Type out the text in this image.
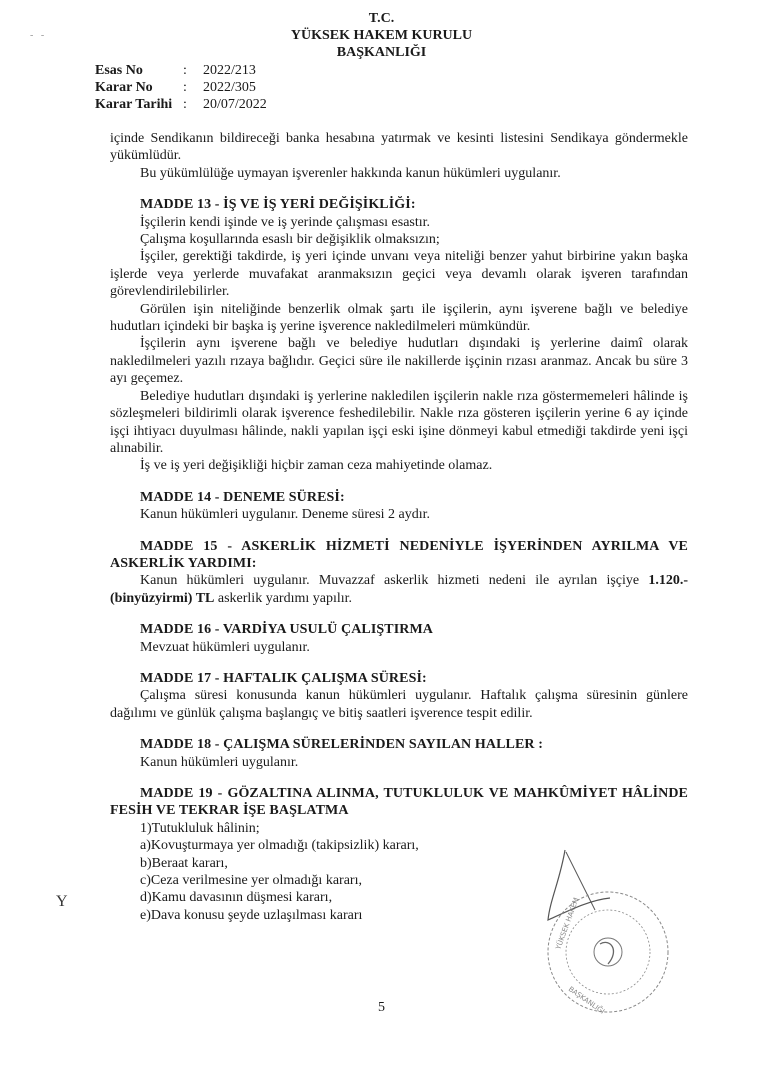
-   -
T.C.
YÜKSEK HAKEM KURULU
BAŞKANLIĞI
Esas No	:	2022/213
Karar No	:	2022/305
Karar Tarihi :	20/07/2022

içinde Sendikanın bildireceği banka hesabına yatırmak ve kesinti listesini Sendikaya göndermekle yükümlüdür.

Bu yükümlülüğe uymayan işverenler hakkında kanun hükümleri uygulanır.

MADDE 13 - İŞ VE İŞ YERİ DEĞİŞİKLİĞİ:

İşçilerin kendi işinde ve iş yerinde çalışması esastır.

Çalışma koşullarında esaslı bir değişiklik olmaksızın;

İşçiler, gerektiği takdirde, iş yeri içinde unvanı veya niteliği benzer yahut birbirine yakın başka işlerde veya yerlerde muvafakat aranmaksızın geçici veya devamlı olarak işveren tarafından görevlendirilebilirler.

Görülen işin niteliğinde benzerlik olmak şartı ile işçilerin, aynı işverene bağlı ve belediye hudutları içindeki bir başka iş yerine işverence nakledilmeleri mümkündür.

İşçilerin aynı işverene bağlı ve belediye hudutları dışındaki iş yerlerine daimî olarak nakledilmeleri yazılı rızaya bağlıdır. Geçici süre ile nakillerde işçinin rızası aranmaz. Ancak bu süre 3 ayı geçemez.

Belediye hudutları dışındaki iş yerlerine nakledilen işçilerin nakle rıza göstermemeleri hâlinde iş sözleşmeleri bildirimli olarak işverence feshedilebilir. Nakle rıza gösteren işçilerin yerine 6 ay içinde işçi ihtiyacı duyulması hâlinde, nakli yapılan işçi eski işine dönmeyi kabul etmediği takdirde yeni işçi alınabilir.

İş ve iş yeri değişikliği hiçbir zaman ceza mahiyetinde olamaz.

MADDE 14 - DENEME SÜRESİ:

Kanun hükümleri uygulanır. Deneme süresi 2 aydır.

MADDE 15 - ASKERLİK HİZMETİ NEDENİYLE İŞYERİNDEN AYRILMA VE ASKERLİK YARDIMI:

Kanun hükümleri uygulanır. Muvazzaf askerlik hizmeti nedeni ile ayrılan işçiye 1.120.-(binyüzyirmi) TL askerlik yardımı yapılır.

MADDE 16 - VARDİYA USULÜ ÇALIŞTIRMA

Mevzuat hükümleri uygulanır.

MADDE 17 - HAFTALIK ÇALIŞMA SÜRESİ:

Çalışma süresi konusunda kanun hükümleri uygulanır. Haftalık çalışma süresinin günlere dağılımı ve günlük çalışma başlangıç ve bitiş saatleri işverence tespit edilir.

MADDE 18 - ÇALIŞMA SÜRELERİNDEN SAYILAN HALLER :

Kanun hükümleri uygulanır.

MADDE 19 - GÖZALTINA ALINMA, TUTUKLULUK VE MAHKÛMİYET HÂLİNDE FESİH VE TEKRAR İŞE BAŞLATMA

1)Tutukluluk hâlinin;

a)Kovuşturmaya yer olmadığı (takipsizlik) kararı,

b)Beraat kararı,

c)Ceza verilmesine yer olmadığı kararı,

d)Kamu davasının düşmesi kararı,

e)Dava konusu şeyde uzlaşılması kararı

Y	YÜKSEK HAKEM
BAŞKANLIĞI
5
